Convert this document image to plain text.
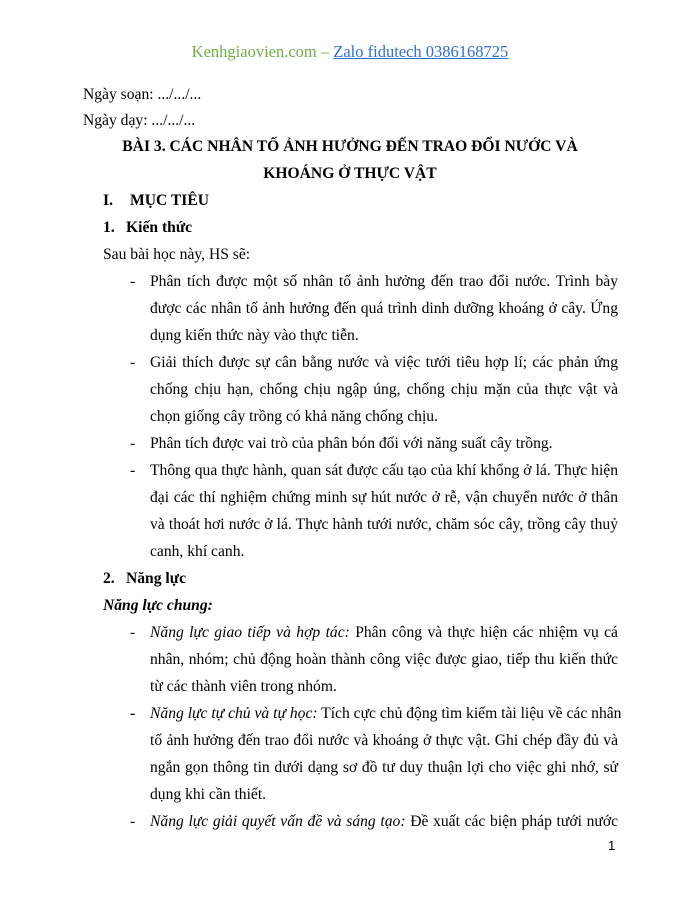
Kenhgiaovien.com – Zalo fidutech 0386168725
Ngày soạn: .../.../...
Ngày dạy: .../.../...
BÀI 3. CÁC NHÂN TỐ ẢNH HƯỞNG ĐẾN TRAO ĐỔI NƯỚC VÀ
KHOÁNG Ở THỰC VẬT
I. MỤC TIÊU
1. Kiến thức
Sau bài học này, HS sẽ:
- Phân tích được một số nhân tố ảnh hưởng đến trao đổi nước. Trình bày
được các nhân tố ảnh hưởng đến quá trình dinh dưỡng khoáng ở cây. Ứng
dụng kiến thức này vào thực tiễn.
- Giải thích được sự cân bằng nước và việc tưới tiêu hợp lí; các phản ứng
chống chịu hạn, chống chịu ngập úng, chống chịu mặn của thực vật và
chọn giống cây trồng có khả năng chống chịu.
- Phân tích được vai trò của phân bón đối với năng suất cây trồng.
- Thông qua thực hành, quan sát được cấu tạo của khí khổng ở lá. Thực hiện
đại các thí nghiệm chứng minh sự hút nước ở rễ, vận chuyển nước ở thân
và thoát hơi nước ở lá. Thực hành tưới nước, chăm sóc cây, trồng cây thuỷ
canh, khí canh.
2. Năng lực
Năng lực chung:
- Năng lực giao tiếp và hợp tác: Phân công và thực hiện các nhiệm vụ cá
nhân, nhóm; chủ động hoàn thành công việc được giao, tiếp thu kiến thức
từ các thành viên trong nhóm.
- Năng lực tự chủ và tự học: Tích cực chủ động tìm kiếm tài liệu về các nhân
tố ảnh hưởng đến trao đổi nước và khoáng ở thực vật. Ghi chép đầy đủ và
ngắn gọn thông tin dưới dạng sơ đồ tư duy thuận lợi cho việc ghi nhớ, sử
dụng khi cần thiết.
- Năng lực giải quyết vấn đề và sáng tạo: Đề xuất các biện pháp tưới nước
1
